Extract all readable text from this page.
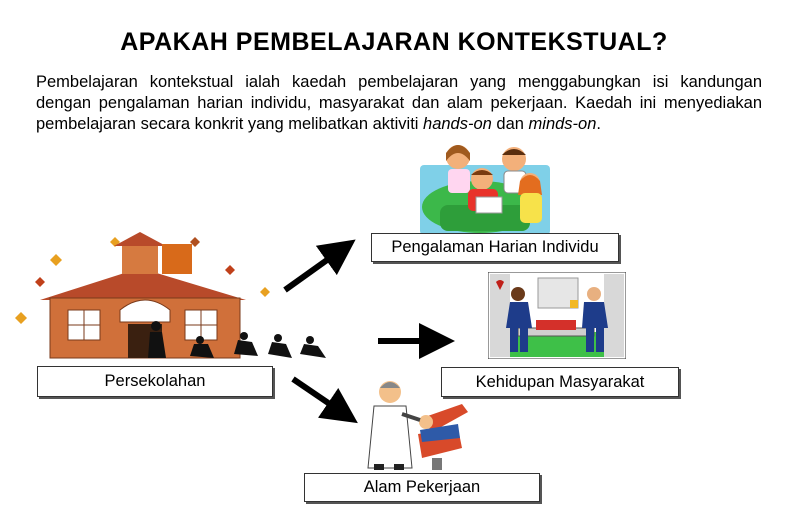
APAKAH PEMBELAJARAN KONTEKSTUAL?
Pembelajaran kontekstual ialah kaedah pembelajaran yang menggabungkan isi kandungan dengan pengalaman harian individu, masyarakat dan alam pekerjaan. Kaedah ini menyediakan pembelajaran secara konkrit yang melibatkan aktiviti hands-on dan minds-on.
Pengalaman Harian Individu
Persekolahan	Kehidupan Masyarakat
Alam Pekerjaan
